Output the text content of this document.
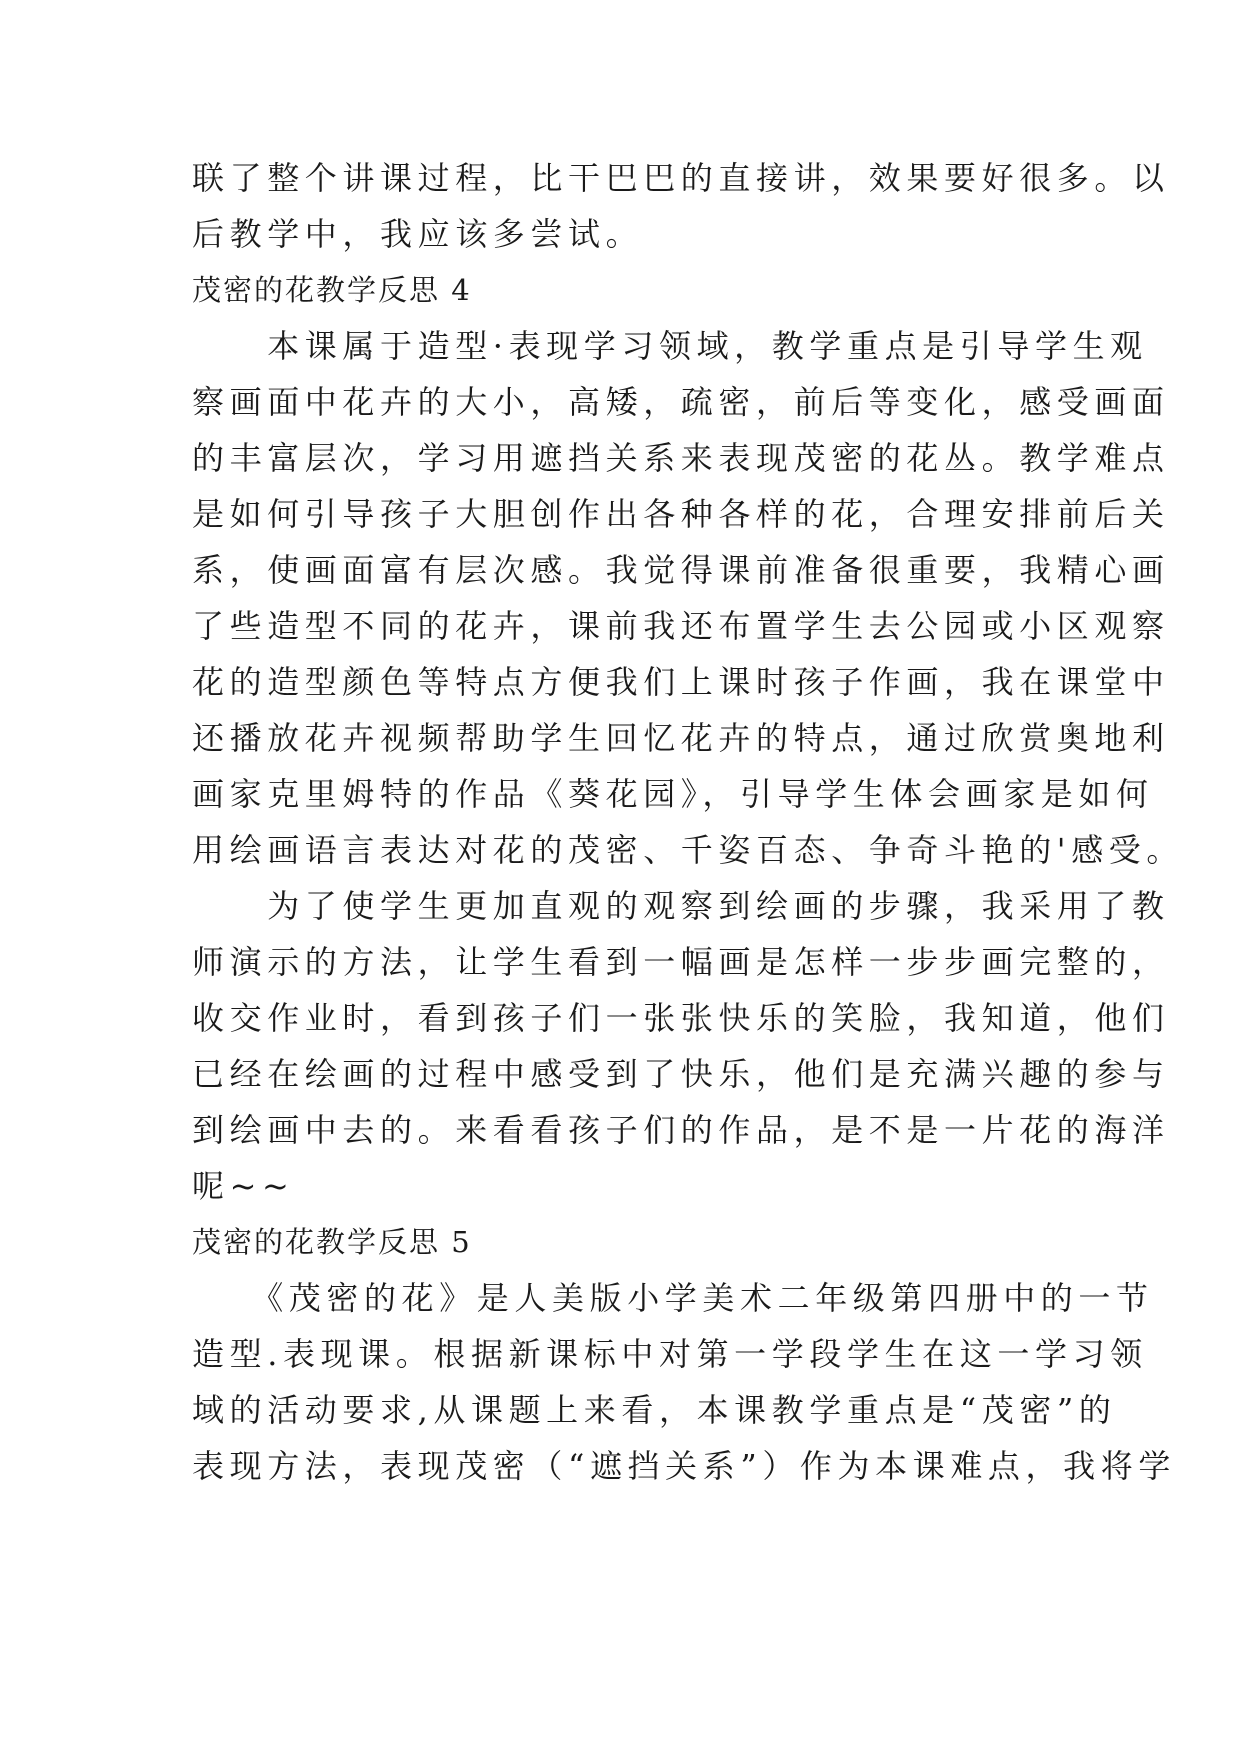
联了整个讲课过程，比干巴巴的直接讲，效果要好很多。以
后教学中，我应该多尝试。
茂密的花教学反思 4
　　本课属于造型·表现学习领域，教学重点是引导学生观
察画面中花卉的大小，高矮，疏密，前后等变化，感受画面
的丰富层次，学习用遮挡关系来表现茂密的花丛。教学难点
是如何引导孩子大胆创作出各种各样的花，合理安排前后关
系，使画面富有层次感。我觉得课前准备很重要，我精心画
了些造型不同的花卉，课前我还布置学生去公园或小区观察
花的造型颜色等特点方便我们上课时孩子作画，我在课堂中
还播放花卉视频帮助学生回忆花卉的特点，通过欣赏奥地利
画家克里姆特的作品《葵花园》，引导学生体会画家是如何
用绘画语言表达对花的茂密、千姿百态、争奇斗艳的'感受。
　　为了使学生更加直观的观察到绘画的步骤，我采用了教
师演示的方法，让学生看到一幅画是怎样一步步画完整的，
收交作业时，看到孩子们一张张快乐的笑脸，我知道，他们
已经在绘画的过程中感受到了快乐，他们是充满兴趣的参与
到绘画中去的。来看看孩子们的作品，是不是一片花的海洋
呢~~
茂密的花教学反思 5
　　《茂密的花》是人美版小学美术二年级第四册中的一节
造型.表现课。根据新课标中对第一学段学生在这一学习领
域的活动要求,从课题上来看，本课教学重点是“茂密”的
表现方法，表现茂密（“遮挡关系”）作为本课难点，我将学
